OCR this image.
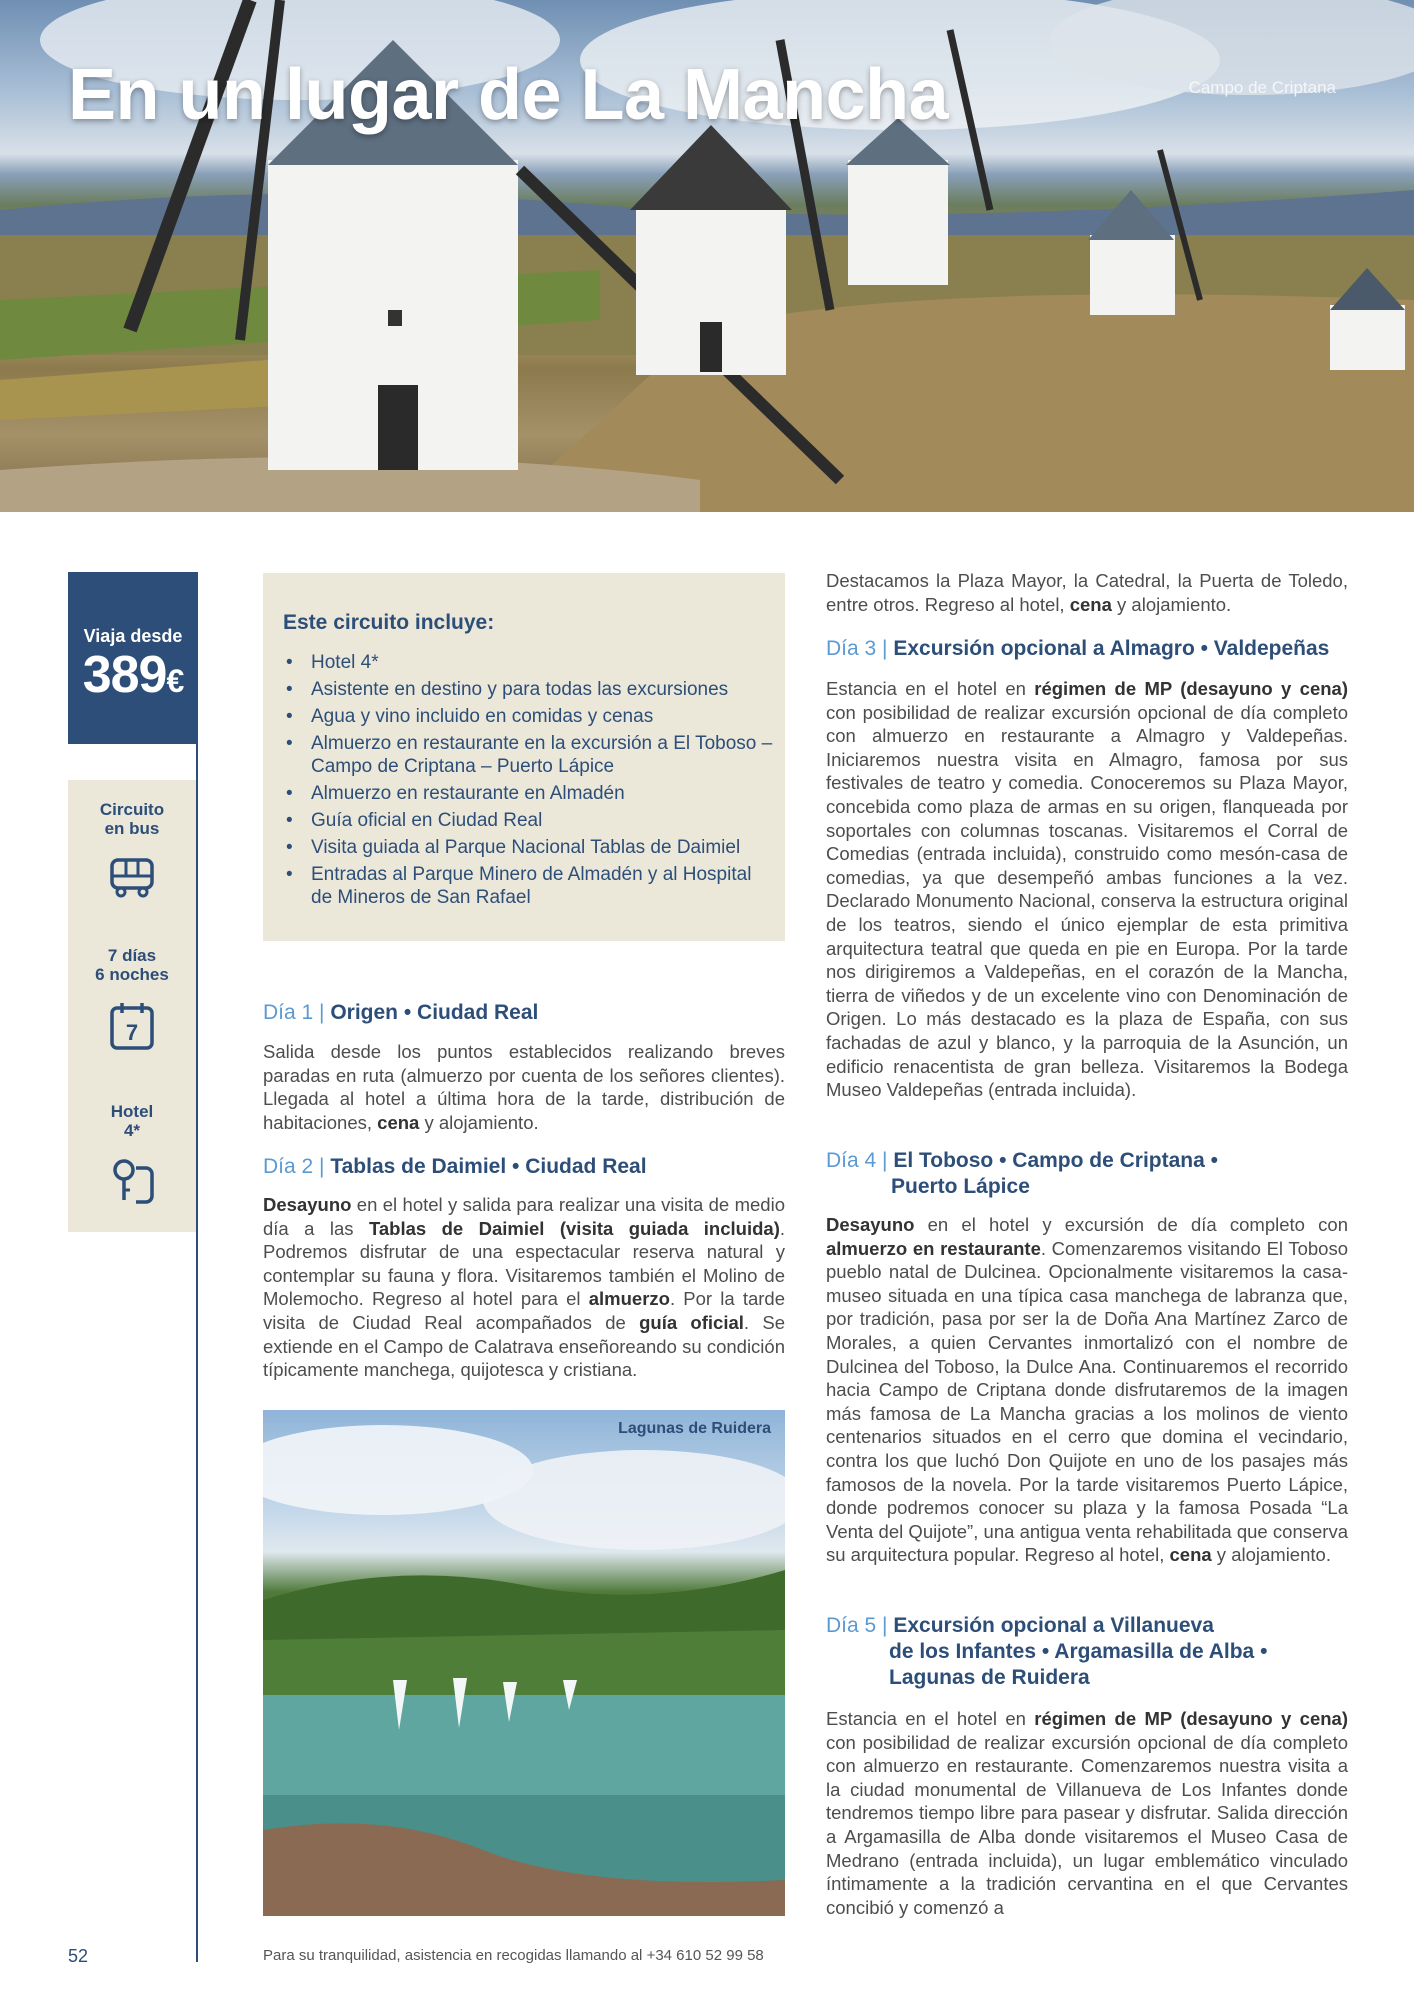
En un lugar de La Mancha	Campo de Criptana
Viaja desde
389€
Circuito
en bus
7 días
6 noches
7
Hotel
4*
Este circuito incluye:
• Hotel 4*
• Asistente en destino y para todas las excursiones
• Agua y vino incluido en comidas y cenas
• Almuerzo en restaurante en la excursión a El Toboso – Campo de Criptana – Puerto Lápice
• Almuerzo en restaurante en Almadén
• Guía oficial en Ciudad Real
• Visita guiada al Parque Nacional Tablas de Daimiel
• Entradas al Parque Minero de Almadén y al Hospital de Mineros de San Rafael
Día 1 | Origen • Ciudad Real

Salida desde los puntos establecidos realizando breves paradas en ruta (almuerzo por cuenta de los señores clientes). Llegada al hotel a última hora de la tarde, distribución de habitaciones, cena y alojamiento.

Día 2 | Tablas de Daimiel • Ciudad Real

Desayuno en el hotel y salida para realizar una visita de medio día a las Tablas de Daimiel (visita guiada incluida). Podremos disfrutar de una espectacular reserva natural y contemplar su fauna y flora. Visitaremos también el Molino de Molemocho. Regreso al hotel para el almuerzo. Por la tarde visita de Ciudad Real acompañados de guía oficial. Se extiende en el Campo de Calatrava enseñoreando su condición típicamente manchega, quijotesca y cristiana.

Lagunas de Ruidera

Destacamos la Plaza Mayor, la Catedral, la Puerta de Toledo, entre otros. Regreso al hotel, cena y alojamiento.

Día 3 | Excursión opcional a Almagro • Valdepeñas

Estancia en el hotel en régimen de MP (desayuno y cena) con posibilidad de realizar excursión opcional de día completo con almuerzo en restaurante a Almagro y Valdepeñas. Iniciaremos nuestra visita en Almagro, famosa por sus festivales de teatro y comedia. Conoceremos su Plaza Mayor, concebida como plaza de armas en su origen, flanqueada por soportales con columnas toscanas. Visitaremos el Corral de Comedias (entrada incluida), construido como mesón-casa de comedias, ya que desempeñó ambas funciones a la vez. Declarado Monumento Nacional, conserva la estructura original de los teatros, siendo el único ejemplar de esta primitiva arquitectura teatral que queda en pie en Europa. Por la tarde nos dirigiremos a Valdepeñas, en el corazón de la Mancha, tierra de viñedos y de un excelente vino con Denominación de Origen. Lo más destacado es la plaza de España, con sus fachadas de azul y blanco, y la parroquia de la Asunción, un edificio renacentista de gran belleza. Visitaremos la Bodega Museo Valdepeñas (entrada incluida).

Día 4 | El Toboso • Campo de Criptana •
Puerto Lápice

Desayuno en el hotel y excursión de día completo con almuerzo en restaurante. Comenzaremos visitando El Toboso pueblo natal de Dulcinea. Opcionalmente visitaremos la casa-museo situada en una típica casa manchega de labranza que, por tradición, pasa por ser la de Doña Ana Martínez Zarco de Morales, a quien Cervantes inmortalizó con el nombre de Dulcinea del Toboso, la Dulce Ana. Continuaremos el recorrido hacia Campo de Criptana donde disfrutaremos de la imagen más famosa de La Mancha gracias a los molinos de viento centenarios situados en el cerro que domina el vecindario, contra los que luchó Don Quijote en uno de los pasajes más famosos de la novela. Por la tarde visitaremos Puerto Lápice, donde podremos conocer su plaza y la famosa Posada “La Venta del Quijote”, una antigua venta rehabilitada que conserva su arquitectura popular. Regreso al hotel, cena y alojamiento.

Día 5 | Excursión opcional a Villanueva
de los Infantes • Argamasilla de Alba •
Lagunas de Ruidera

Estancia en el hotel en régimen de MP (desayuno y cena) con posibilidad de realizar excursión opcional de día completo con almuerzo en restaurante. Comenzaremos nuestra visita a la ciudad monumental de Villanueva de Los Infantes donde tendremos tiempo libre para pasear y disfrutar. Salida dirección a Argamasilla de Alba donde visitaremos el Museo Casa de Medrano (entrada incluida), un lugar emblemático vinculado íntimamente a la tradición cervantina en el que Cervantes concibió y comenzó a

52	Para su tranquilidad, asistencia en recogidas llamando al +34 610 52 99 58
